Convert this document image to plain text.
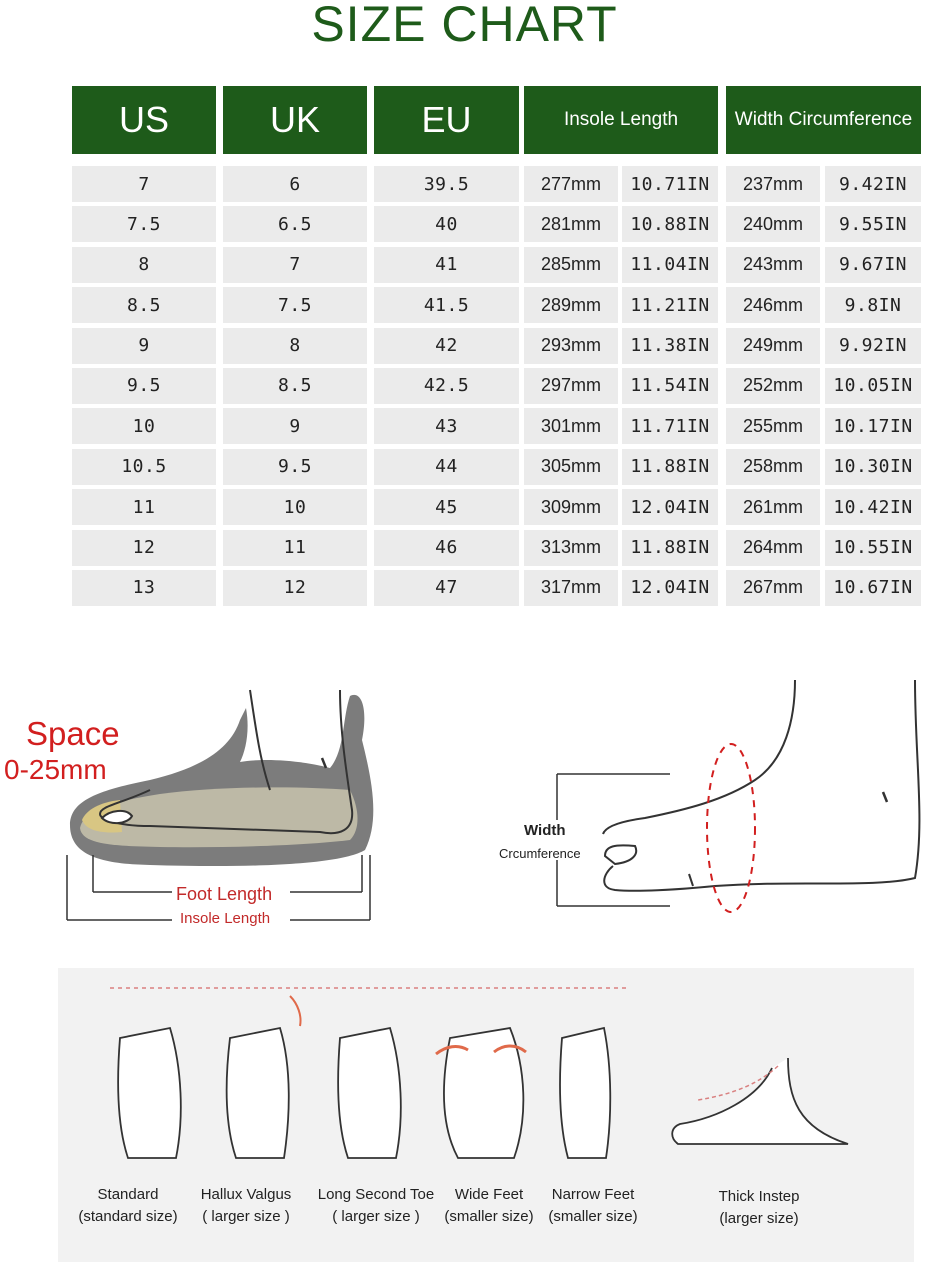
SIZE CHART
US	UK	EU	Insole Length	Width Circumference
7	6	39.5	277mm	10.71IN	237mm	9.42IN
7.5	6.5	40	281mm	10.88IN	240mm	9.55IN
8	7	41	285mm	11.04IN	243mm	9.67IN
8.5	7.5	41.5	289mm	11.21IN	246mm	9.8IN
9	8	42	293mm	11.38IN	249mm	9.92IN
9.5	8.5	42.5	297mm	11.54IN	252mm	10.05IN
10	9	43	301mm	11.71IN	255mm	10.17IN
10.5	9.5	44	305mm	11.88IN	258mm	10.30IN
11	10	45	309mm	12.04IN	261mm	10.42IN
12	11	46	313mm	11.88IN	264mm	10.55IN
13	12	47	317mm	12.04IN	267mm	10.67IN
Space
0-25mm
Foot Length
Insole Length
Width
Crcumference
Standard
(standard size)
Hallux Valgus
( larger size )
Long Second Toe
( larger size )
Wide Feet
(smaller size)
Narrow Feet
(smaller size)
Thick Instep
(larger size)
